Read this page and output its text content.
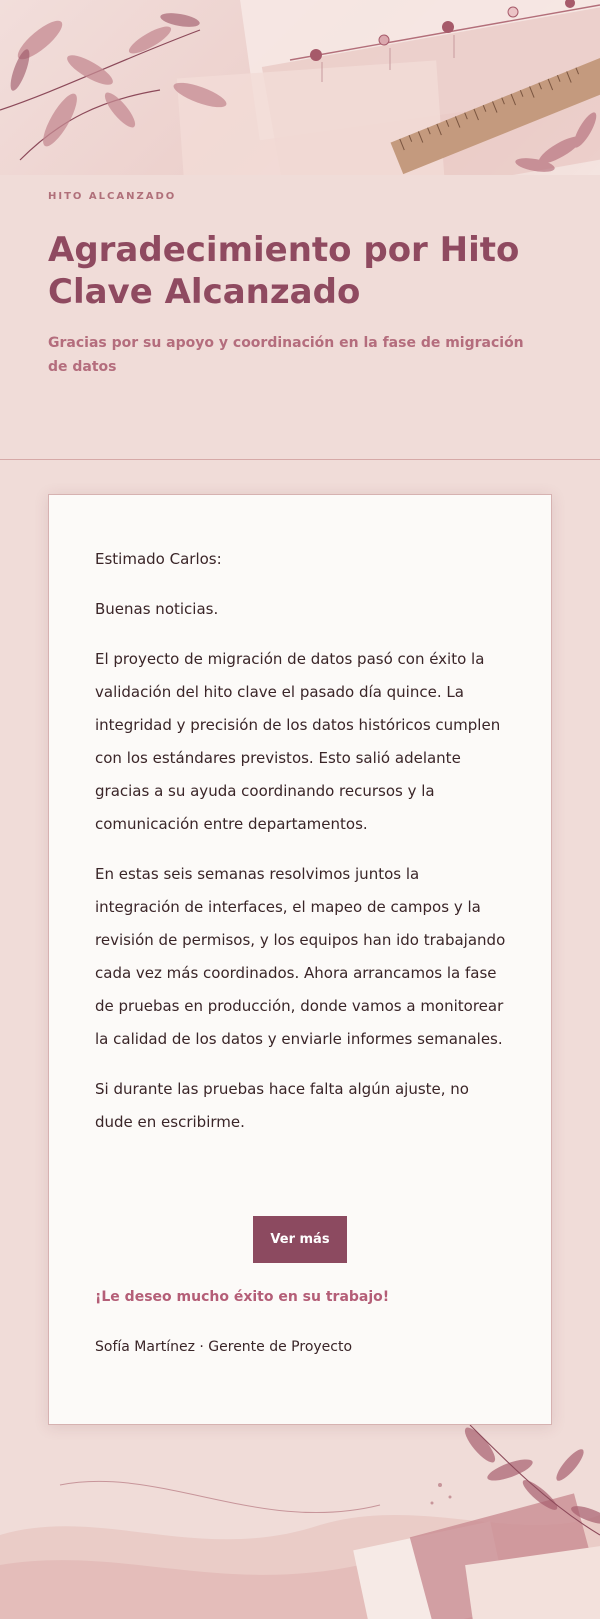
HITO ALCANZADO
Agradecimiento por Hito Clave Alcanzado
Gracias por su apoyo y coordinación en la fase de migración de datos

Estimado Carlos:

Buenas noticias.

El proyecto de migración de datos pasó con éxito la validación del hito clave el pasado día quince. La integridad y precisión de los datos históricos cumplen con los estándares previstos. Esto salió adelante gracias a su ayuda coordinando recursos y la comunicación entre departamentos.

En estas seis semanas resolvimos juntos la integración de interfaces, el mapeo de campos y la revisión de permisos, y los equipos han ido trabajando cada vez más coordinados. Ahora arrancamos la fase de pruebas en producción, donde vamos a monitorear la calidad de los datos y enviarle informes semanales.

Si durante las pruebas hace falta algún ajuste, no dude en escribirme.

Ver más
¡Le deseo mucho éxito en su trabajo!
Sofía Martínez · Gerente de Proyecto
